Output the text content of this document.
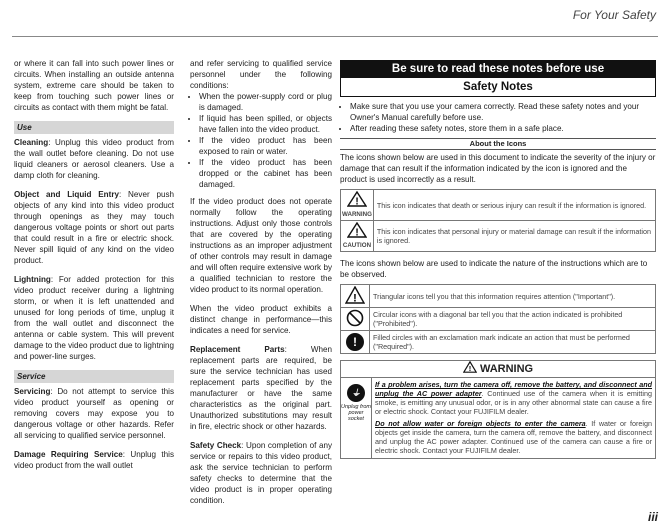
For Your Safety

or where it can fall into such power lines or circuits. When installing an outside antenna system, extreme care should be taken to keep from touching such power lines or circuits as contact with them might be fatal.

Use

Cleaning: Unplug this video product from the wall outlet before cleaning. Do not use liquid cleaners or aerosol cleaners. Use a damp cloth for cleaning.

Object and Liquid Entry: Never push objects of any kind into this video product through openings as they may touch dangerous voltage points or short out parts that could result in a fire or electric shock. Never spill liquid of any kind on the video product.

Lightning: For added protection for this video product receiver during a lightning storm, or when it is left unattended and unused for long periods of time, unplug it from the wall outlet and disconnect the antenna or cable system. This will prevent damage to the video product due to lightning and power-line surges.

Service

Servicing: Do not attempt to service this video product yourself as opening or removing covers may expose you to dangerous voltage or other hazards. Refer all servicing to qualified service personnel.

Damage Requiring Service: Unplug this video product from the wall outlet

and refer servicing to qualified service personnel under the following conditions:

• When the power-supply cord or plug is damaged.
• If liquid has been spilled, or objects have fallen into the video product.
• If the video product has been exposed to rain or water.
• If the video product has been dropped or the cabinet has been damaged.

If the video product does not operate normally follow the operating instructions. Adjust only those controls that are covered by the operating instructions as an improper adjustment of other controls may result in damage and will often require extensive work by a qualified technician to restore the video product to its normal operation.

When the video product exhibits a distinct change in performance—this indicates a need for service.

Replacement Parts: When replacement parts are required, be sure the service technician has used replacement parts specified by the manufacturer or have the same characteristics as the original part. Unauthorized substitutions may result in fire, electric shock or other hazards.

Safety Check: Upon completion of any service or repairs to this video product, ask the service technician to perform safety checks to determine that the video product is in proper operating condition.

Be sure to read these notes before use
Safety Notes
• Make sure that you use your camera correctly. Read these safety notes and your Owner's Manual carefully before use.
• After reading these safety notes, store them in a safe place.
About the Icons

The icons shown below are used in this document to indicate the severity of the injury or damage that can result if the information indicated by the icon is ignored and the product is used incorrectly as a result.

!
WARNING	This icon indicates that death or serious injury can result if the information is ignored.

!
CAUTION	This icon indicates that personal injury or material damage can result if the information is ignored.

The icons shown below are used to indicate the nature of the instructions which are to be observed.

!	Triangular icons tell you that this information requires attention ("Important").
	Circular icons with a diagonal bar tell you that the action indicated is prohibited ("Prohibited").
!	Filled circles with an exclamation mark indicate an action that must be performed ("Required").
! WARNING
⏚
Unplug from power socket

If a problem arises, turn the camera off, remove the battery, and disconnect and unplug the AC power adapter. Continued use of the camera when it is emitting smoke, is emitting any unusual odor, or is in any other abnormal state can cause a fire or electric shock. Contact your FUJIFILM dealer.

Do not allow water or foreign objects to enter the camera. If water or foreign objects get inside the camera, turn the camera off, remove the battery, and disconnect and unplug the AC power adapter. Continued use of the camera can cause a fire or electric shock. Contact your FUJIFILM dealer.

iii
